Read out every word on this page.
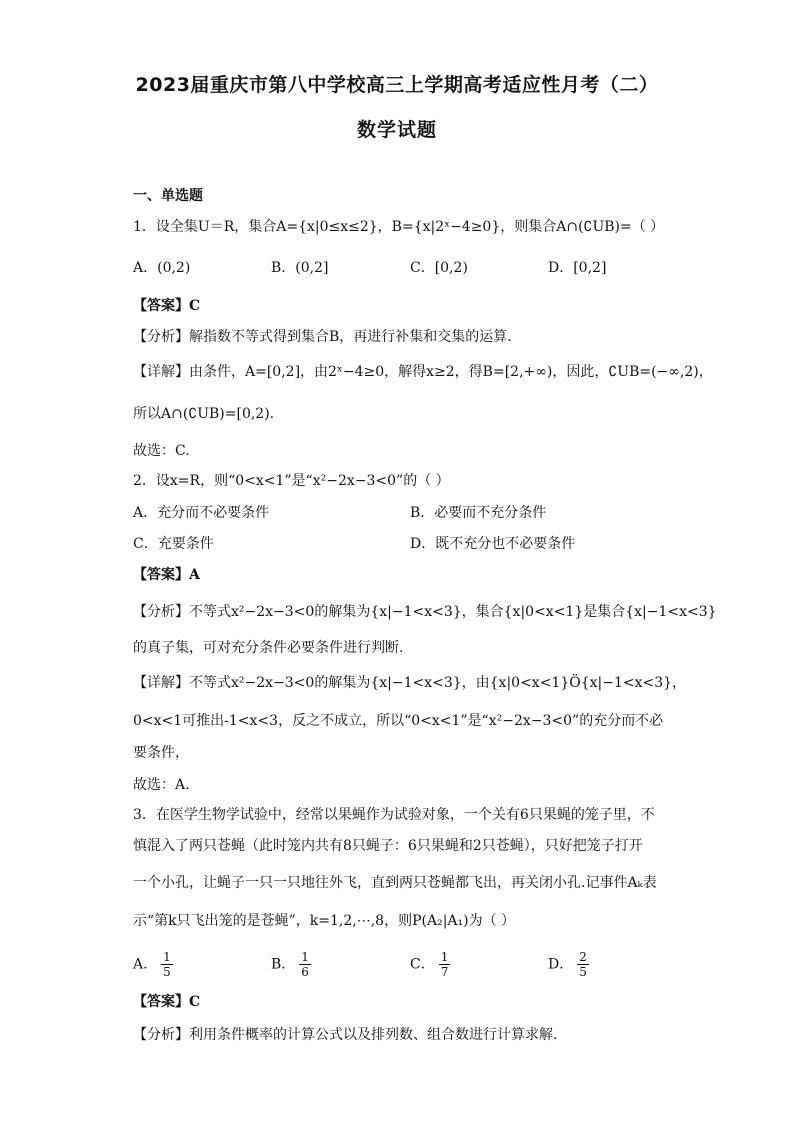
2023届重庆市第八中学校高三上学期高考适应性月考（二）
数学试题
一、单选题
1．设全集U＝R，集合A={x|0≤x≤2}，B={x|2ˣ−4≥0}，则集合A∩(∁UB)=（ ）
A．(0,2)	B．(0,2]	C．[0,2)	D．[0,2]
【答案】C
【分析】解指数不等式得到集合B，再进行补集和交集的运算.
【详解】由条件，A=[0,2]，由2ˣ−4≥0，解得x≥2，得B=[2,+∞)，因此，∁UB=(−∞,2)，
所以A∩(∁UB)=[0,2).
故选：C.
2．设x=R，则“0<x<1”是“x²−2x−3<0”的（ ）
A．充分而不必要条件	B．必要而不充分条件
C．充要条件	D．既不充分也不必要条件
【答案】A
【分析】不等式x²−2x−3<0的解集为{x|−1<x<3}，集合{x|0<x<1}是集合{x|−1<x<3}
的真子集，可对充分条件必要条件进行判断.
【详解】不等式x²−2x−3<0的解集为{x|−1<x<3}，由{x|0<x<1}Ö{x|−1<x<3}，
0<x<1可推出-1<x<3，反之不成立，所以“0<x<1”是“x²−2x−3<0”的充分而不必
要条件，
故选：A.
3．在医学生物学试验中，经常以果蝇作为试验对象，一个关有6只果蝇的笼子里，不
慎混入了两只苍蝇（此时笼内共有8只蝇子：6只果蝇和2只苍蝇），只好把笼子打开
一个小孔，让蝇子一只一只地往外飞，直到两只苍蝇都飞出，再关闭小孔.记事件Aₖ表
示“第k只飞出笼的是苍蝇”，k=1,2,⋯,8，则P(A₂|A₁)为（ ）
A． $\frac{1}{5}$	B． $\frac{1}{6}$	C． $\frac{1}{7}$	D． $\frac{2}{5}$
【答案】C
【分析】利用条件概率的计算公式以及排列数、组合数进行计算求解.
